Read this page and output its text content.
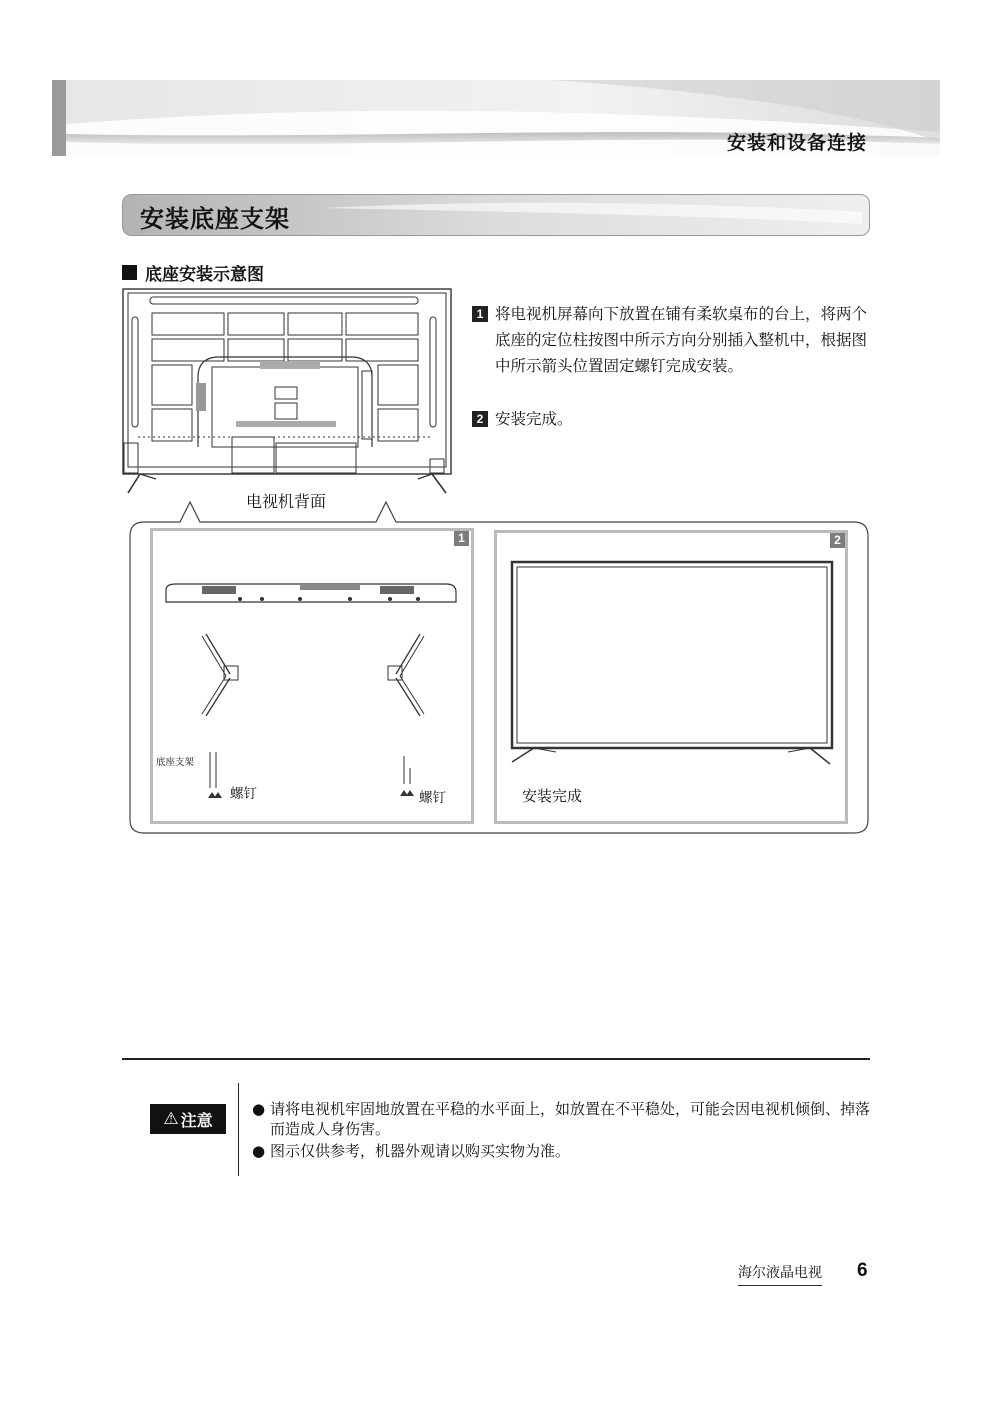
安装和设备连接
安装底座支架
底座安装示意图
电视机背面
1 将电视机屏幕向下放置在铺有柔软桌布的台上，将两个底座的定位柱按图中所示方向分别插入整机中，根据图中所示箭头位置固定螺钉完成安装。
2 安装完成。
1
底座支架
螺钉	螺钉
2
安装完成
⚠ 注意
● 请将电视机牢固地放置在平稳的水平面上，如放置在不平稳处，可能会因电视机倾倒、掉落而造成人身伤害。
● 图示仅供参考，机器外观请以购买实物为准。
海尔液晶电视 6
